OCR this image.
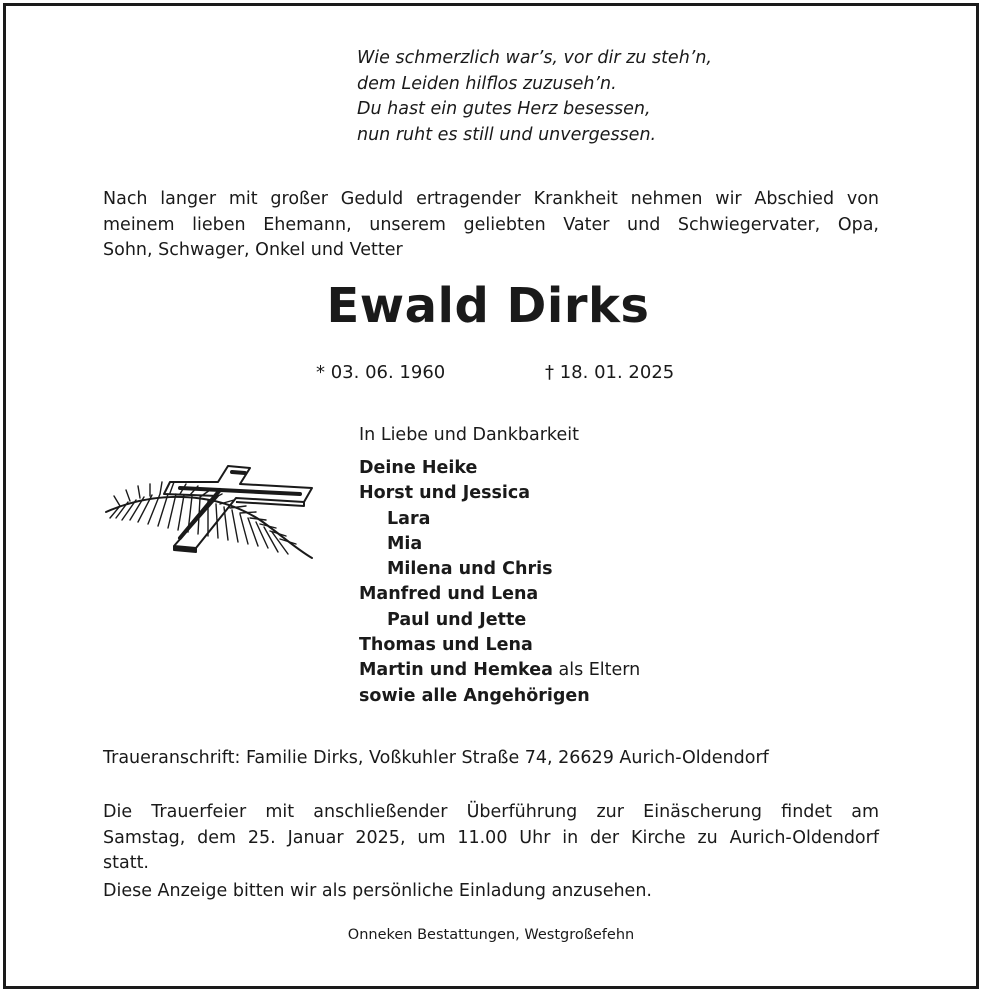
Wie schmerzlich war’s, vor dir zu steh’n,
dem Leiden hilflos zuzuseh’n.
Du hast ein gutes Herz besessen,
nun ruht es still und unvergessen.
Nach langer mit großer Geduld ertragender Krankheit nehmen wir Abschied von
meinem lieben Ehemann, unserem geliebten Vater und Schwiegervater, Opa,
Sohn, Schwager, Onkel und Vetter
Ewald Dirks
* 03. 06. 1960	† 18. 01. 2025
In Liebe und Dankbarkeit
Deine Heike
Horst und Jessica
Lara
Mia
Milena und Chris
Manfred und Lena
Paul und Jette
Thomas und Lena
Martin und Hemkea als Eltern
sowie alle Angehörigen
Traueranschrift: Familie Dirks, Voßkuhler Straße 74, 26629 Aurich-Oldendorf
Die Trauerfeier mit anschließender Überführung zur Einäscherung findet am
Samstag, dem 25. Januar 2025, um 11.00 Uhr in der Kirche zu Aurich-Oldendorf
statt.
Diese Anzeige bitten wir als persönliche Einladung anzusehen.
Onneken Bestattungen, Westgroßefehn
